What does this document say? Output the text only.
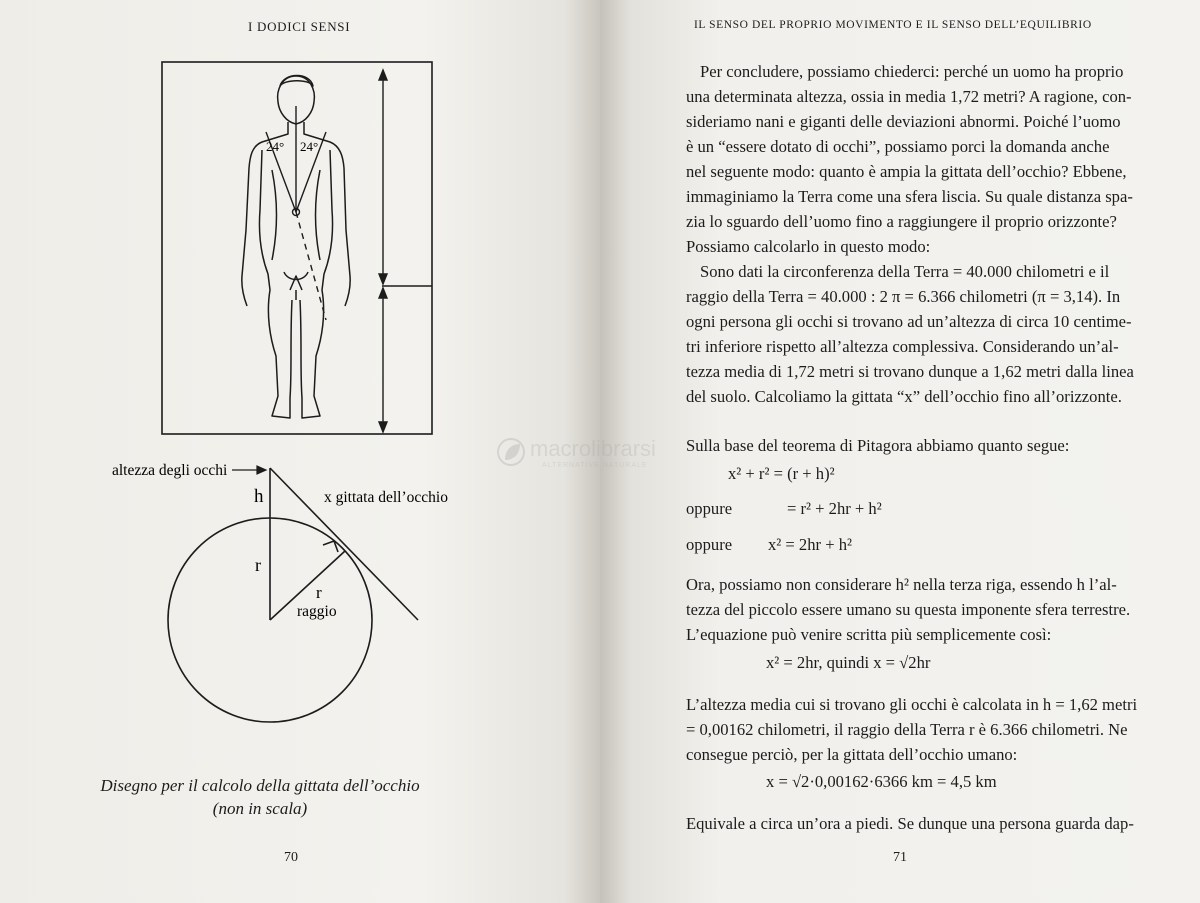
I DODICI SENSI
24° 24°
altezza degli occhi
h	x gittata dell’occhio
r
r
raggio
Disegno per il calcolo della gittata dell’occhio
(non in scala)
70
IL SENSO DEL PROPRIO MOVIMENTO E IL SENSO DELL’EQUILIBRIO
Per concludere, possiamo chiederci: perché un uomo ha proprio
una determinata altezza, ossia in media 1,72 metri? A ragione, con-
sideriamo nani e giganti delle deviazioni abnormi. Poiché l’uomo
è un “essere dotato di occhi”, possiamo porci la domanda anche
nel seguente modo: quanto è ampia la gittata dell’occhio? Ebbene,
immaginiamo la Terra come una sfera liscia. Su quale distanza spa-
zia lo sguardo dell’uomo fino a raggiungere il proprio orizzonte?
Possiamo calcolarlo in questo modo:
Sono dati la circonferenza della Terra = 40.000 chilometri e il
raggio della Terra = 40.000 : 2 π = 6.366 chilometri (π = 3,14). In
ogni persona gli occhi si trovano ad un’altezza di circa 10 centime-
tri inferiore rispetto all’altezza complessiva. Considerando un’al-
tezza media di 1,72 metri si trovano dunque a 1,62 metri dalla linea
del suolo. Calcoliamo la gittata “x” dell’occhio fino all’orizzonte.
Sulla base del teorema di Pitagora abbiamo quanto segue:
Ora, possiamo non considerare h² nella terza riga, essendo h l’al-
tezza del piccolo essere umano su questa imponente sfera terrestre.
L’equazione può venire scritta più semplicemente così:
L’altezza media cui si trovano gli occhi è calcolata in h = 1,62 metri
= 0,00162 chilometri, il raggio della Terra r è 6.366 chilometri. Ne
consegue perciò, per la gittata dell’occhio umano:
Equivale a circa un’ora a piedi. Se dunque una persona guarda dap-
x² + r² = (r + h)²
oppure	= r² + 2hr + h²
oppure x² = 2hr + h²
x² = 2hr, quindi x = √2hr
x = √2·0,00162·6366 km = 4,5 km
71
macrolibrarsi
ALTERNATIVE NATURALE
